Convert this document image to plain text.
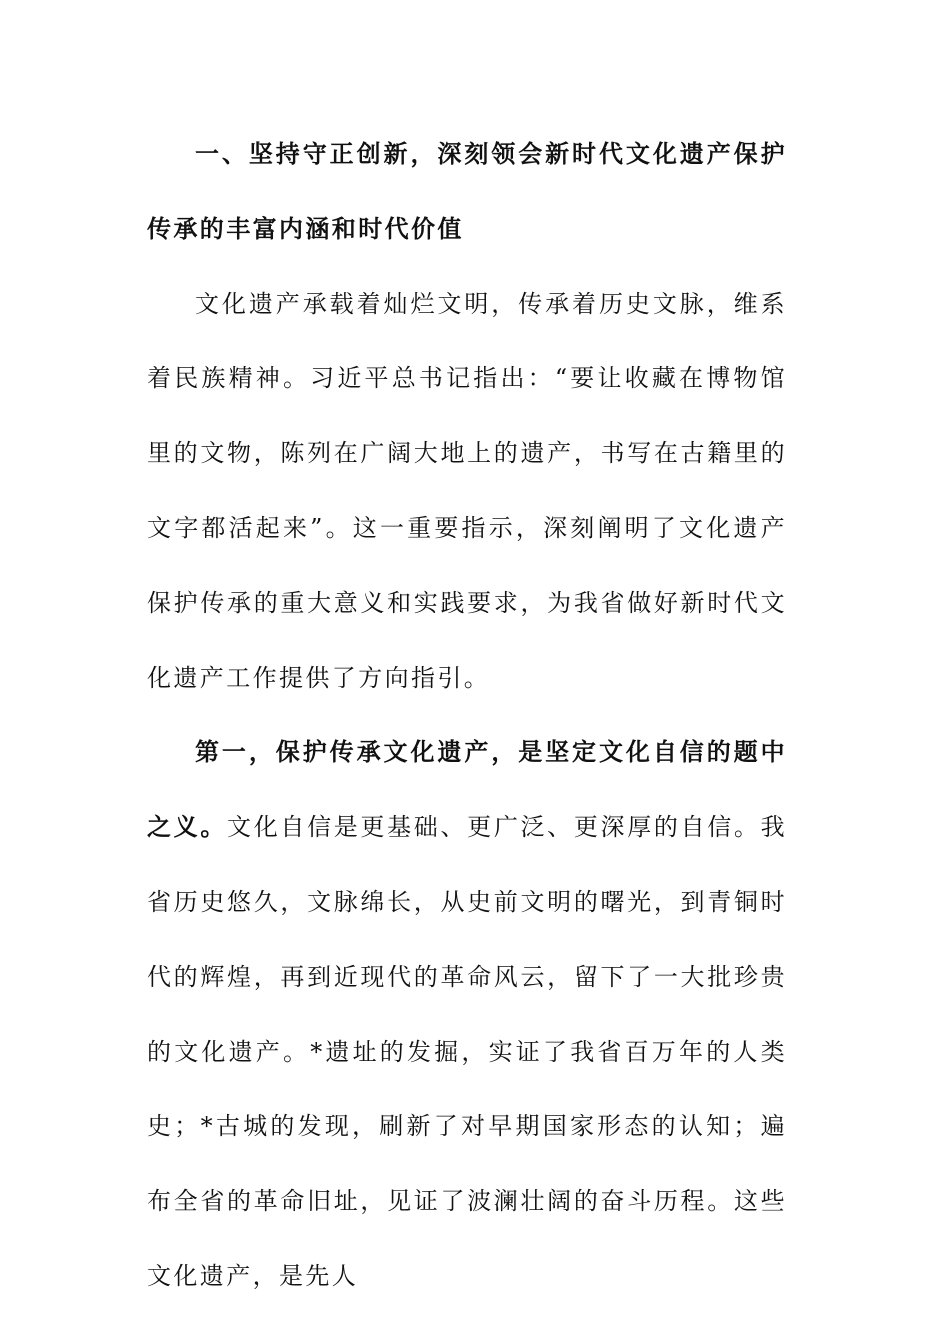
一、坚持守正创新，深刻领会新时代文化遗产保护传承的丰富内涵和时代价值

文化遗产承载着灿烂文明，传承着历史文脉，维系着民族精神。习近平总书记指出：“要让收藏在博物馆里的文物，陈列在广阔大地上的遗产，书写在古籍里的文字都活起来”。这一重要指示，深刻阐明了文化遗产保护传承的重大意义和实践要求，为我省做好新时代文化遗产工作提供了方向指引。

第一，保护传承文化遗产，是坚定文化自信的题中之义。文化自信是更基础、更广泛、更深厚的自信。我省历史悠久，文脉绵长，从史前文明的曙光，到青铜时代的辉煌，再到近现代的革命风云，留下了一大批珍贵的文化遗产。*遗址的发掘，实证了我省百万年的人类史；*古城的发现，刷新了对早期国家形态的认知；遍布全省的革命旧址，见证了波澜壮阔的奋斗历程。这些文化遗产，是先人
